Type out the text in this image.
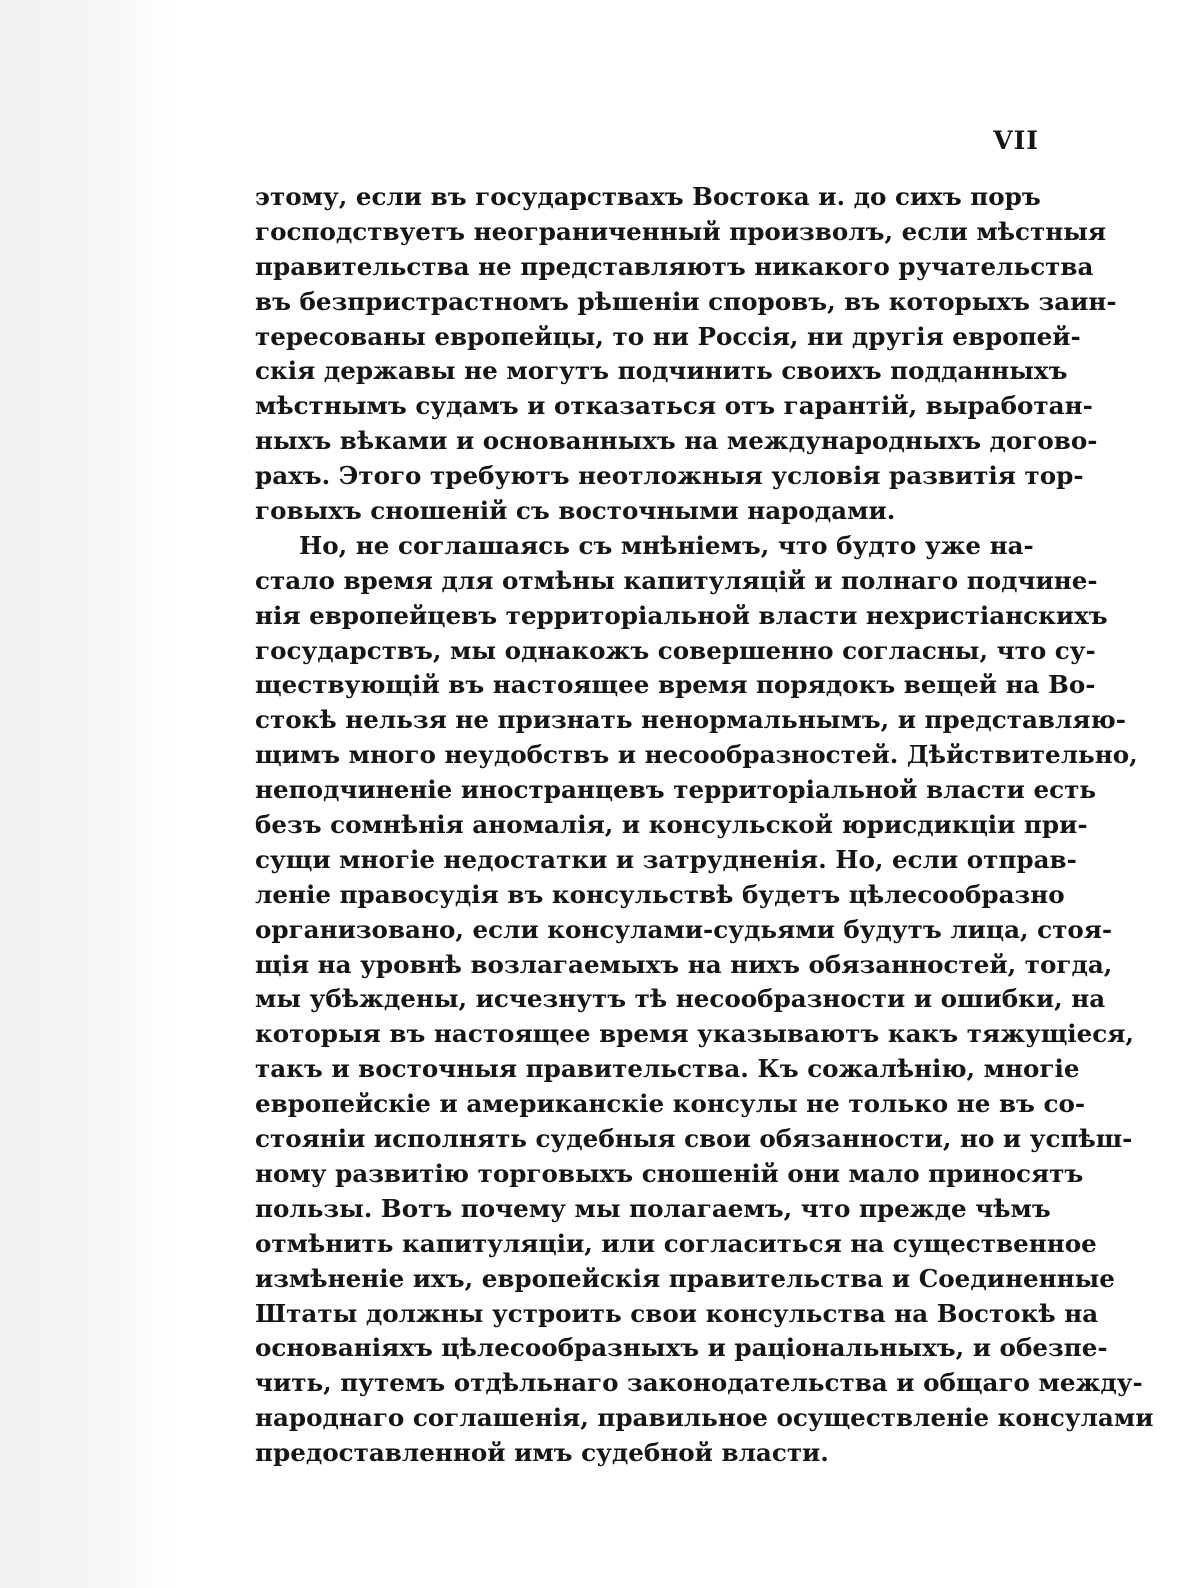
VII

этому, если въ государствахъ Востока и. до сихъ поръ
господствуетъ неограниченный произволъ, если мѣстныя
правительства не представляютъ никакого ручательства
въ безпристрастномъ рѣшеніи споровъ, въ которыхъ заин-
тересованы европейцы, то ни Россія, ни другія европей-
скія державы не могутъ подчинить своихъ подданныхъ
мѣстнымъ судамъ и отказаться отъ гарантій, выработан-
ныхъ вѣками и основанныхъ на международныхъ догово-
рахъ. Этого требуютъ неотложныя условія развитія тор-
говыхъ сношеній съ восточными народами.
Но, не соглашаясь съ мнѣніемъ, что будто уже на-
стало время для отмѣны капитуляцій и полнаго подчине-
нія европейцевъ территоріальной власти нехристіанскихъ
государствъ, мы однакожъ совершенно согласны, что су-
ществующій въ настоящее время порядокъ вещей на Во-
стокѣ нельзя не признать ненормальнымъ, и представляю-
щимъ много неудобствъ и несообразностей. Дѣйствительно,
неподчиненіе иностранцевъ территоріальной власти есть
безъ сомнѣнія аномалія, и консульской юрисдикціи при-
сущи многіе недостатки и затрудненія. Но, если отправ-
леніе правосудія въ консульствѣ будетъ цѣлесообразно
организовано, если консулами-судьями будутъ лица, стоя-
щія на уровнѣ возлагаемыхъ на нихъ обязанностей, тогда,
мы убѣждены, исчезнутъ тѣ несообразности и ошибки, на
которыя въ настоящее время указываютъ какъ тяжущіеся,
такъ и восточныя правительства. Къ сожалѣнію, многіе
европейскіе и американскіе консулы не только не въ со-
стояніи исполнять судебныя свои обязанности, но и успѣш-
ному развитію торговыхъ сношеній они мало приносятъ
пользы. Вотъ почему мы полагаемъ, что прежде чѣмъ
отмѣнить капитуляціи, или согласиться на существенное
измѣненіе ихъ, европейскія правительства и Соединенные
Штаты должны устроить свои консульства на Востокѣ на
основаніяхъ цѣлесообразныхъ и раціональныхъ, и обезпе-
чить, путемъ отдѣльнаго законодательства и общаго между-
народнаго соглашенія, правильное осуществленіе консулами
предоставленной имъ судебной власти.
